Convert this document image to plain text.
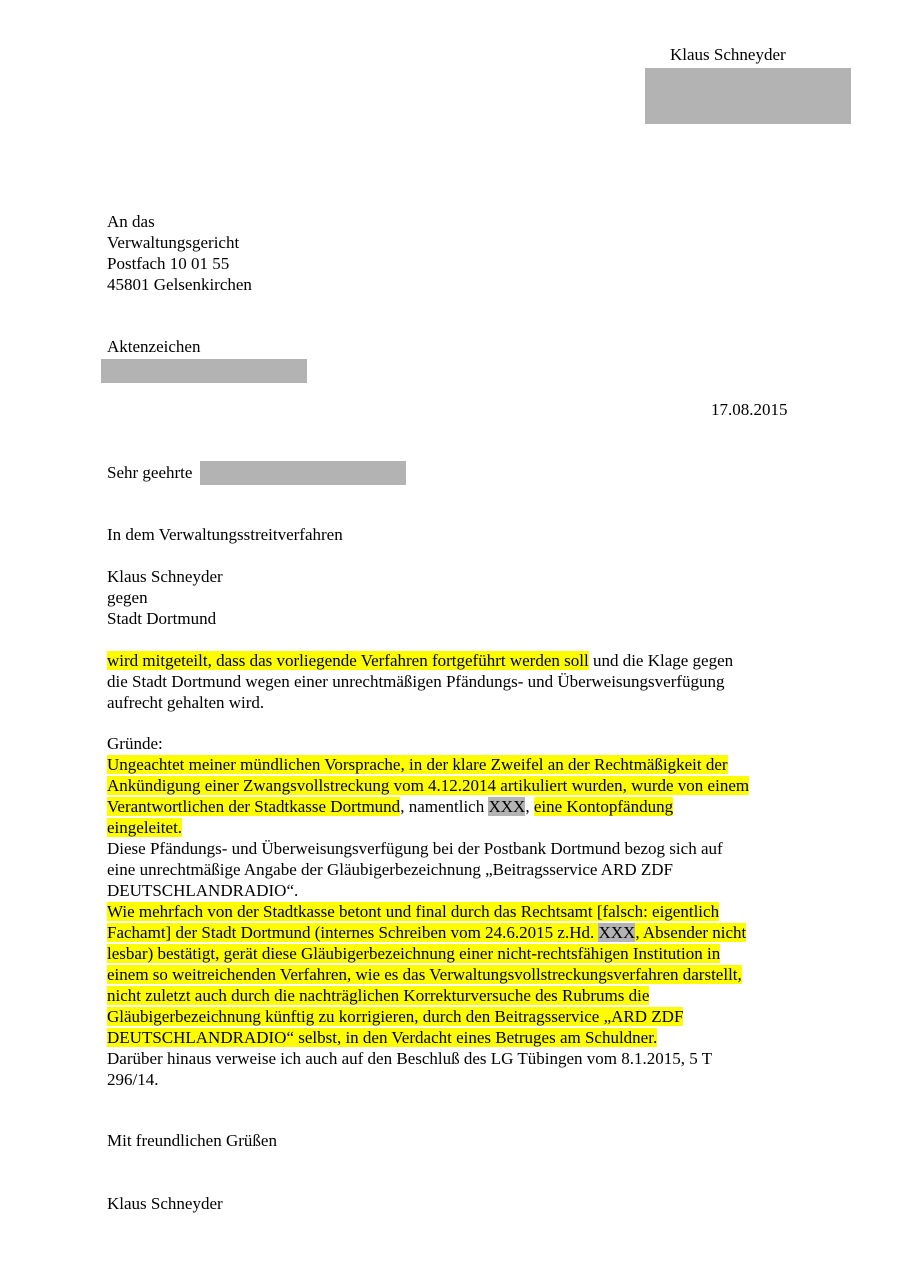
Klaus Schneyder
An das
Verwaltungsgericht
Postfach 10 01 55
45801 Gelsenkirchen
Aktenzeichen
17.08.2015
Sehr geehrte
In dem Verwaltungsstreitverfahren
Klaus Schneyder
gegen
Stadt Dortmund
wird mitgeteilt, dass das vorliegende Verfahren fortgeführt werden soll und die Klage gegen
die Stadt Dortmund wegen einer unrechtmäßigen Pfändungs- und Überweisungsverfügung
aufrecht gehalten wird.
Gründe:
Ungeachtet meiner mündlichen Vorsprache, in der klare Zweifel an der Rechtmäßigkeit der
Ankündigung einer Zwangsvollstreckung vom 4.12.2014 artikuliert wurden, wurde von einem
Verantwortlichen der Stadtkasse Dortmund, namentlich XXX, eine Kontopfändung
eingeleitet.
Diese Pfändungs- und Überweisungsverfügung bei der Postbank Dortmund bezog sich auf
eine unrechtmäßige Angabe der Gläubigerbezeichnung „Beitragsservice ARD ZDF
DEUTSCHLANDRADIO“.
Wie mehrfach von der Stadtkasse betont und final durch das Rechtsamt [falsch: eigentlich
Fachamt] der Stadt Dortmund (internes Schreiben vom 24.6.2015 z.Hd. XXX, Absender nicht
lesbar) bestätigt, gerät diese Gläubigerbezeichnung einer nicht-rechtsfähigen Institution in
einem so weitreichenden Verfahren, wie es das Verwaltungsvollstreckungsverfahren darstellt,
nicht zuletzt auch durch die nachträglichen Korrekturversuche des Rubrums die
Gläubigerbezeichnung künftig zu korrigieren, durch den Beitragsservice „ARD ZDF
DEUTSCHLANDRADIO“ selbst, in den Verdacht eines Betruges am Schuldner.
Darüber hinaus verweise ich auch auf den Beschluß des LG Tübingen vom 8.1.2015, 5 T
296/14.
Mit freundlichen Grüßen
Klaus Schneyder
